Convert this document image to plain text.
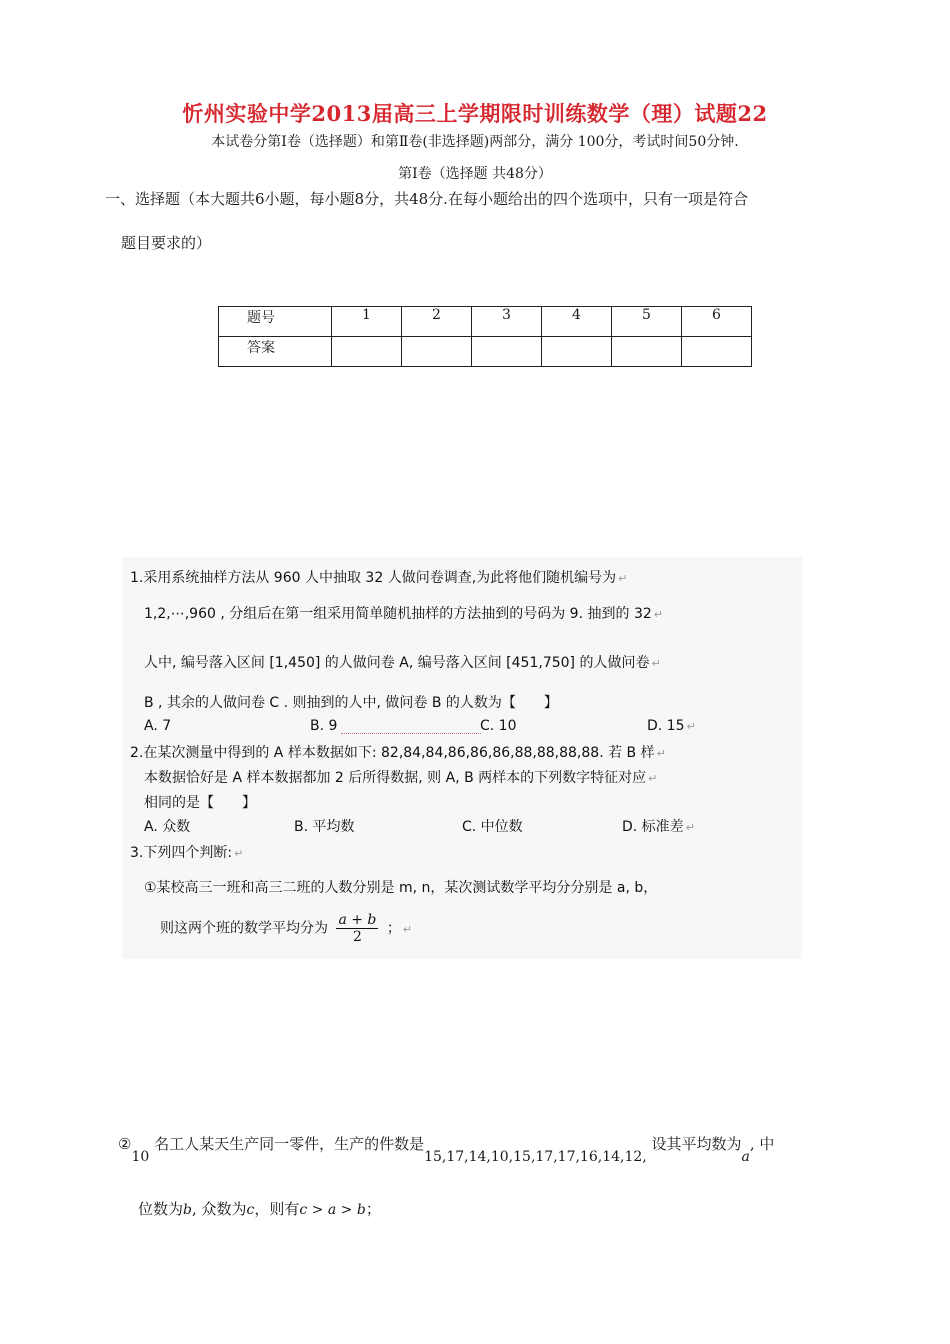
忻州实验中学2013届高三上学期限时训练数学（理）试题22
本试卷分第Ⅰ卷（选择题）和第Ⅱ卷(非选择题)两部分，满分 100分，考试时间50分钟.
第Ⅰ卷（选择题 共48分）
一、选择题（本大题共6小题，每小题8分，共48分.在每小题给出的四个选项中，只有一项是符合
题目要求的）
题号	1	2	3	4	5	6
答案						
1.采用系统抽样方法从 960 人中抽取 32 人做问卷调查,为此将他们随机编号为 ↵
1,2,⋯,960 , 分组后在第一组采用简单随机抽样的方法抽到的号码为 9. 抽到的 32 ↵
人中, 编号落入区间 [1,450] 的人做问卷 A, 编号落入区间 [451,750] 的人做问卷 ↵
B , 其余的人做问卷 C . 则抽到的人中, 做问卷 B 的人数为【　　】
A. 7	B. 9	C. 10	D. 15 ↵
2.在某次测量中得到的 A 样本数据如下: 82,84,84,86,86,86,88,88,88,88. 若 B 样 ↵
本数据恰好是 A 样本数据都加 2 后所得数据, 则 A, B 两样本的下列数字特征对应 ↵
相同的是【　　】
A. 众数	B. 平均数	C. 中位数	D. 标准差 ↵
3.下列四个判断: ↵
①某校高三一班和高三二班的人数分别是 m, n，某次测试数学平均分分别是 a, b，
则这两个班的数学平均分为 $\frac{a + b}{2}$ ； ↵
②10 名工人某天生产同一零件，生产的件数是15,17,14,10,15,17,17,16,14,12, 设其平均数为a, 中
位数为b, 众数为c，则有c > a > b；
